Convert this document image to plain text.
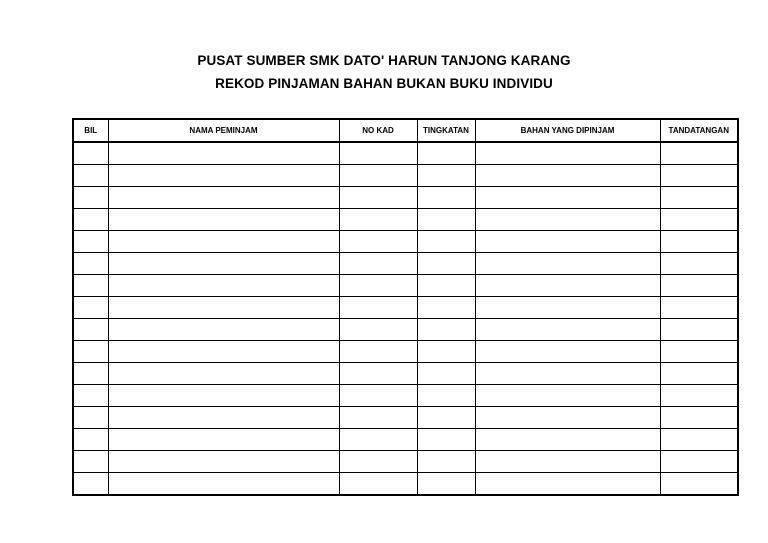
PUSAT SUMBER SMK DATO' HARUN TANJONG KARANG
REKOD PINJAMAN BAHAN BUKAN BUKU INDIVIDU
BIL	NAMA PEMINJAM	NO KAD	TINGKATAN	BAHAN YANG DIPINJAM	TANDATANGAN
